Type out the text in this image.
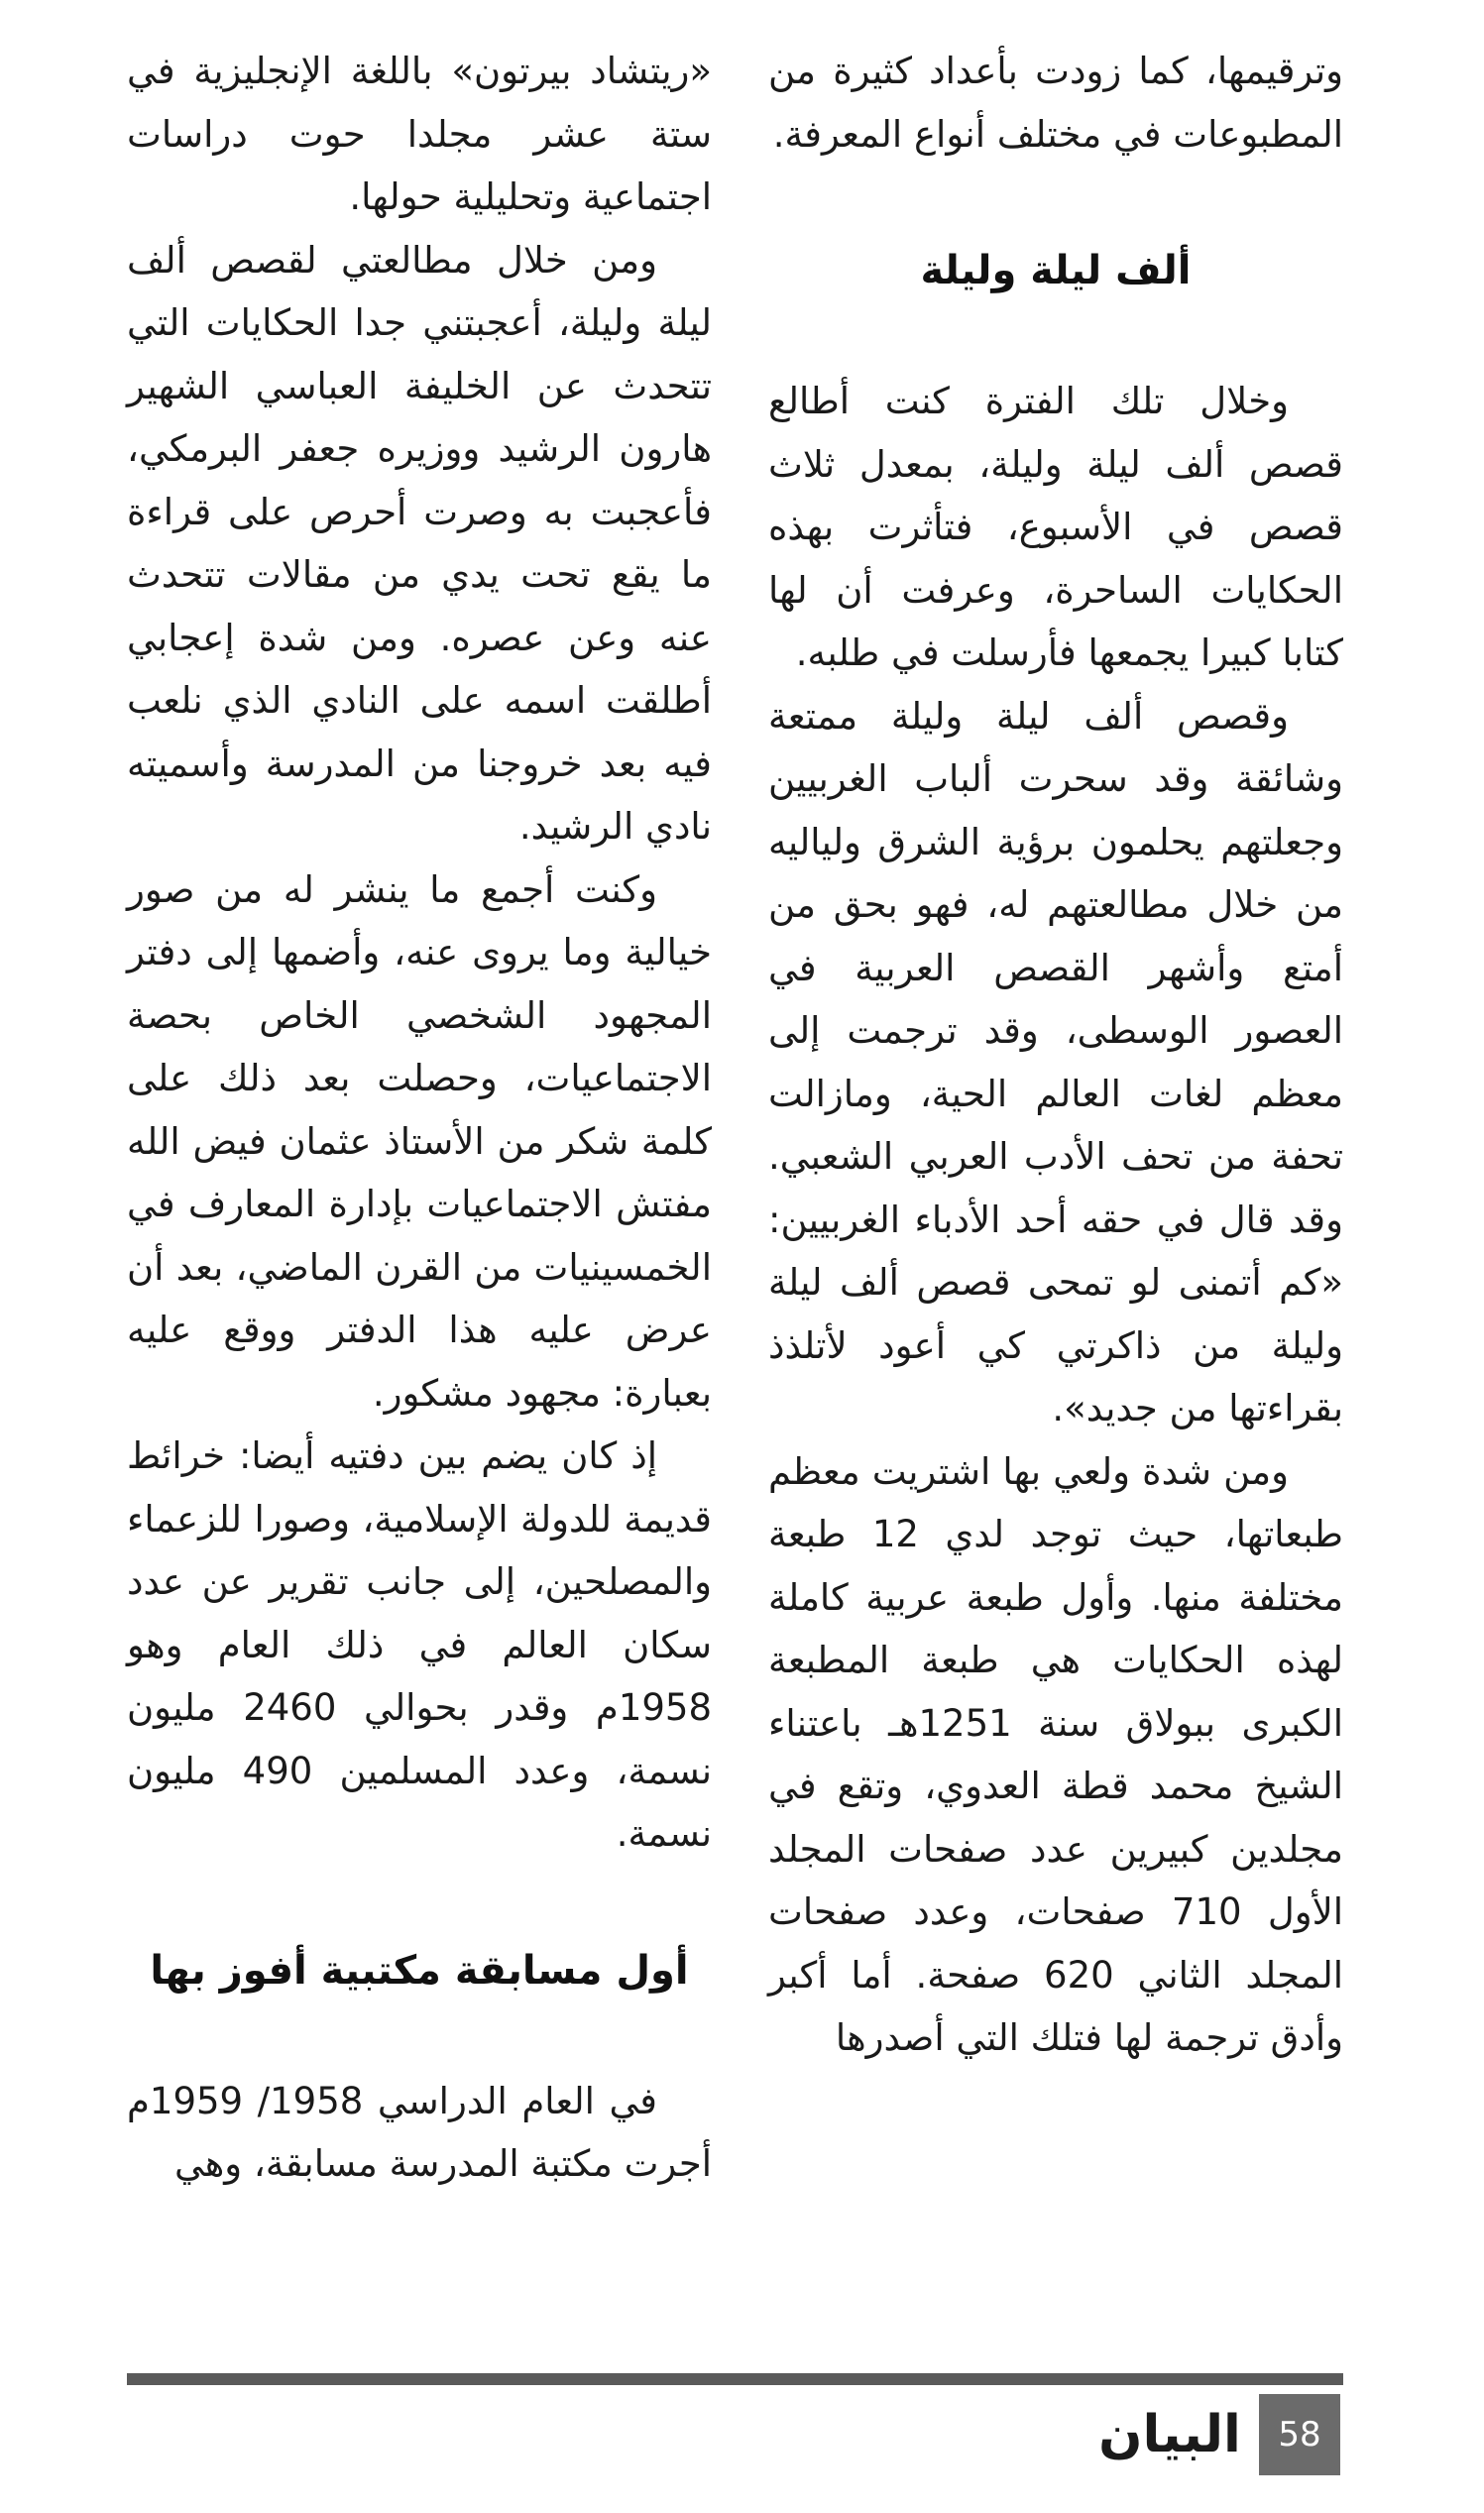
وترقيمها، كما زودت بأعداد كثيرة من المطبوعات في مختلف أنواع المعرفة.

ألف ليلة وليلة

وخلال تلك الفترة كنت أطالع قصص ألف ليلة وليلة، بمعدل ثلاث قصص في الأسبوع، فتأثرت بهذه الحكايات الساحرة، وعرفت أن لها كتابا كبيرا يجمعها فأرسلت في طلبه.

وقصص ألف ليلة وليلة ممتعة وشائقة وقد سحرت ألباب الغربيين وجعلتهم يحلمون برؤية الشرق ولياليه من خلال مطالعتهم له، فهو بحق من أمتع وأشهر القصص العربية في العصور الوسطى، وقد ترجمت إلى معظم لغات العالم الحية، ومازالت تحفة من تحف الأدب العربي الشعبي. وقد قال في حقه أحد الأدباء الغربيين: «كم أتمنى لو تمحى قصص ألف ليلة وليلة من ذاكرتي كي أعود لأتلذذ بقراءتها من جديد».

ومن شدة ولعي بها اشتريت معظم طبعاتها، حيث توجد لدي 12 طبعة مختلفة منها. وأول طبعة عربية كاملة لهذه الحكايات هي طبعة المطبعة الكبرى ببولاق سنة 1251هـ باعتناء الشيخ محمد قطة العدوي، وتقع في مجلدين كبيرين عدد صفحات المجلد الأول 710 صفحات، وعدد صفحات المجلد الثاني 620 صفحة. أما أكبر وأدق ترجمة لها فتلك التي أصدرها

«ريتشاد بيرتون» باللغة الإنجليزية في ستة عشر مجلدا حوت دراسات اجتماعية وتحليلية حولها.

ومن خلال مطالعتي لقصص ألف ليلة وليلة، أعجبتني جدا الحكايات التي تتحدث عن الخليفة العباسي الشهير هارون الرشيد ووزيره جعفر البرمكي، فأعجبت به وصرت أحرص على قراءة ما يقع تحت يدي من مقالات تتحدث عنه وعن عصره. ومن شدة إعجابي أطلقت اسمه على النادي الذي نلعب فيه بعد خروجنا من المدرسة وأسميته نادي الرشيد.

وكنت أجمع ما ينشر له من صور خيالية وما يروى عنه، وأضمها إلى دفتر المجهود الشخصي الخاص بحصة الاجتماعيات، وحصلت بعد ذلك على كلمة شكر من الأستاذ عثمان فيض الله مفتش الاجتماعيات بإدارة المعارف في الخمسينيات من القرن الماضي، بعد أن عرض عليه هذا الدفتر ووقع عليه بعبارة: مجهود مشكور.

إذ كان يضم بين دفتيه أيضا: خرائط قديمة للدولة الإسلامية، وصورا للزعماء والمصلحين، إلى جانب تقرير عن عدد سكان العالم في ذلك العام وهو 1958م وقدر بحوالي 2460 مليون نسمة، وعدد المسلمين 490 مليون نسمة.

أول مسابقة مكتبية أفوز بها

في العام الدراسي 1958/ 1959م أجرت مكتبة المدرسة مسابقة، وهي

البيان	58
